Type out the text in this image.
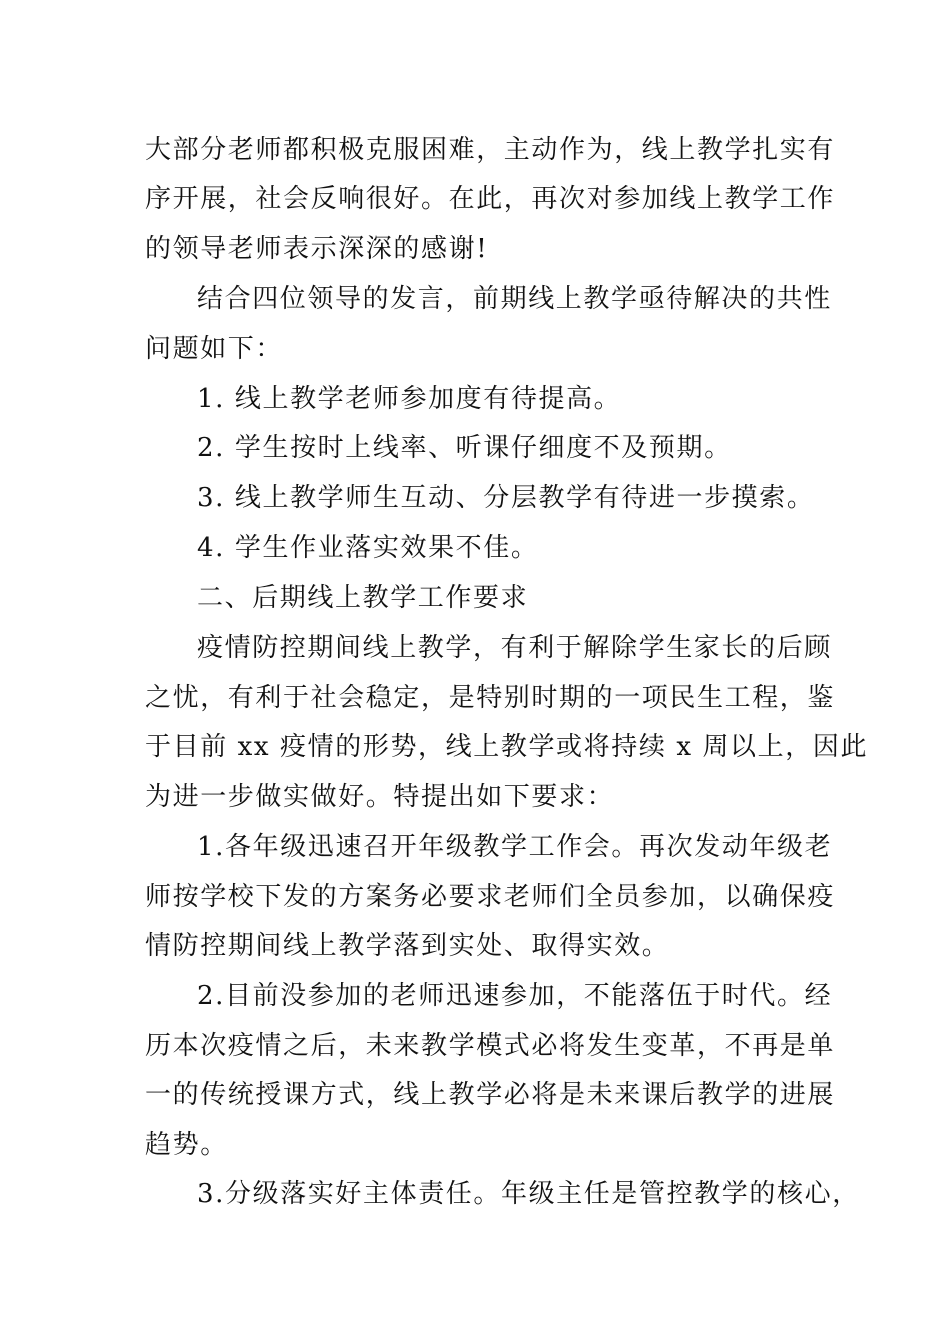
大部分老师都积极克服困难，主动作为，线上教学扎实有
序开展，社会反响很好。在此，再次对参加线上教学工作
的领导老师表示深深的感谢!
结合四位领导的发言，前期线上教学亟待解决的共性
问题如下：
1. 线上教学老师参加度有待提高。
2. 学生按时上线率、听课仔细度不及预期。
3. 线上教学师生互动、分层教学有待进一步摸索。
4. 学生作业落实效果不佳。
二、后期线上教学工作要求
疫情防控期间线上教学，有利于解除学生家长的后顾
之忧，有利于社会稳定，是特别时期的一项民生工程，鉴
于目前 xx 疫情的形势，线上教学或将持续 x 周以上，因此
为进一步做实做好。特提出如下要求：
1.各年级迅速召开年级教学工作会。再次发动年级老
师按学校下发的方案务必要求老师们全员参加，以确保疫
情防控期间线上教学落到实处、取得实效。
2.目前没参加的老师迅速参加，不能落伍于时代。经
历本次疫情之后，未来教学模式必将发生变革，不再是单
一的传统授课方式，线上教学必将是未来课后教学的进展
趋势。
3.分级落实好主体责任。年级主任是管控教学的核心，
